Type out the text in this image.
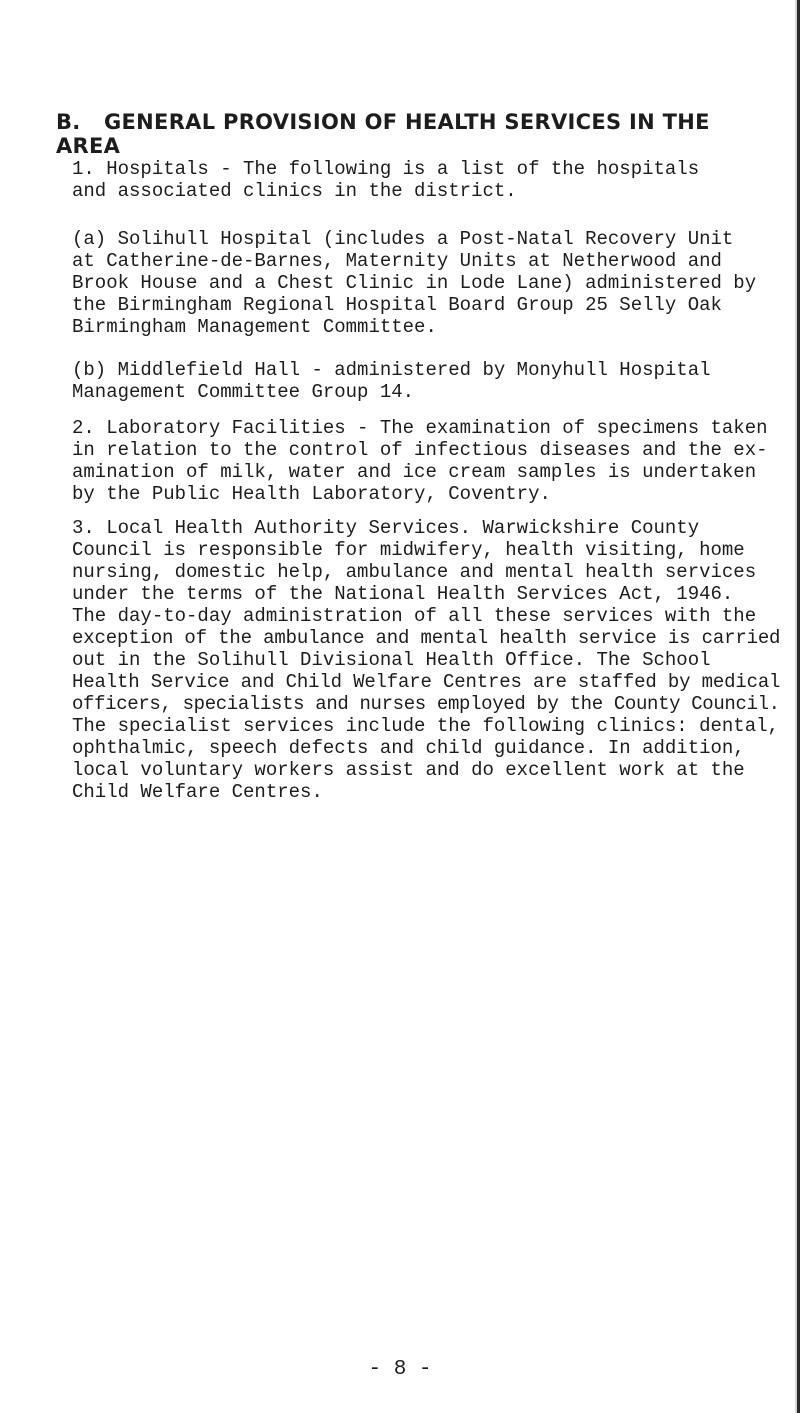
B. GENERAL PROVISION OF HEALTH SERVICES IN THE AREA
1. Hospitals - The following is a list of the hospitals
and associated clinics in the district.
(a) Solihull Hospital (includes a Post-Natal Recovery Unit
at Catherine-de-Barnes, Maternity Units at Netherwood and
Brook House and a Chest Clinic in Lode Lane) administered by
the Birmingham Regional Hospital Board Group 25 Selly Oak
Birmingham Management Committee.
(b) Middlefield Hall - administered by Monyhull Hospital
Management Committee Group 14.
2. Laboratory Facilities - The examination of specimens taken
in relation to the control of infectious diseases and the ex-
amination of milk, water and ice cream samples is undertaken
by the Public Health Laboratory, Coventry.
3. Local Health Authority Services. Warwickshire County
Council is responsible for midwifery, health visiting, home
nursing, domestic help, ambulance and mental health services
under the terms of the National Health Services Act, 1946.
The day-to-day administration of all these services with the
exception of the ambulance and mental health service is carried
out in the Solihull Divisional Health Office. The School
Health Service and Child Welfare Centres are staffed by medical
officers, specialists and nurses employed by the County Council.
The specialist services include the following clinics: dental,
ophthalmic, speech defects and child guidance. In addition,
local voluntary workers assist and do excellent work at the
Child Welfare Centres.
- 8 -
